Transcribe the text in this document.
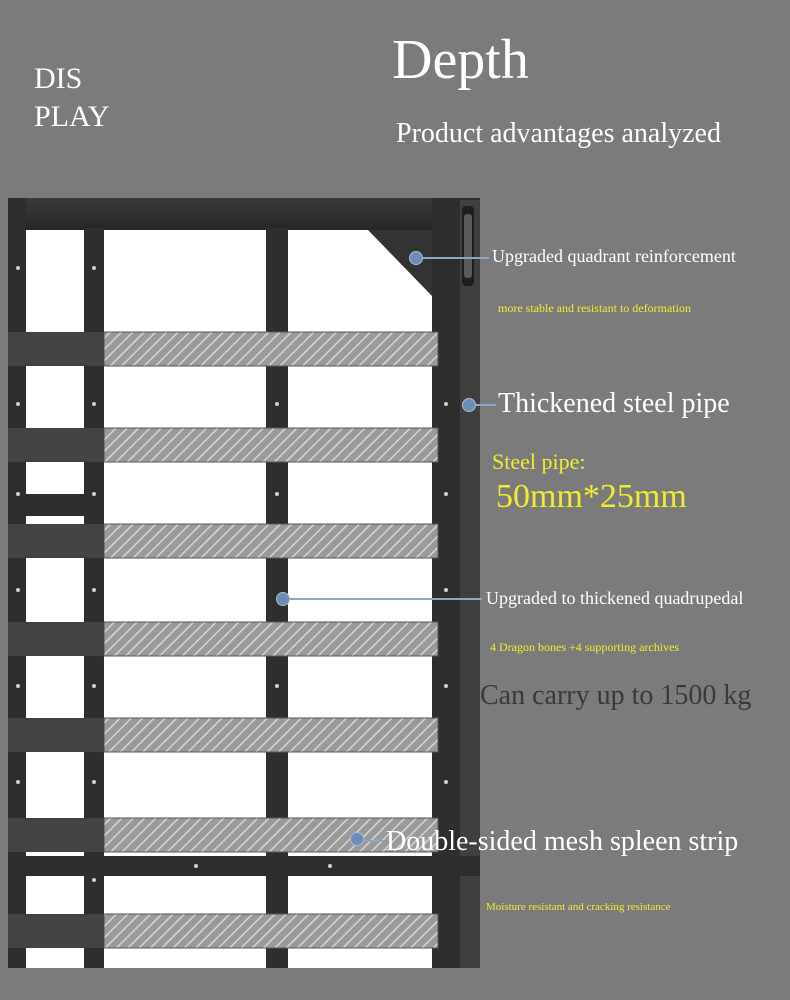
DIS
PLAY
Depth
Product advantages analyzed
Upgraded quadrant reinforcement
more stable and resistant to deformation
Thickened steel pipe
Steel pipe:
50mm*25mm
Upgraded to thickened quadrupedal
4 Dragon bones +4 supporting archives
Can carry up to 1500 kg
Double-sided mesh spleen strip
Moisture resistant and cracking resistance
